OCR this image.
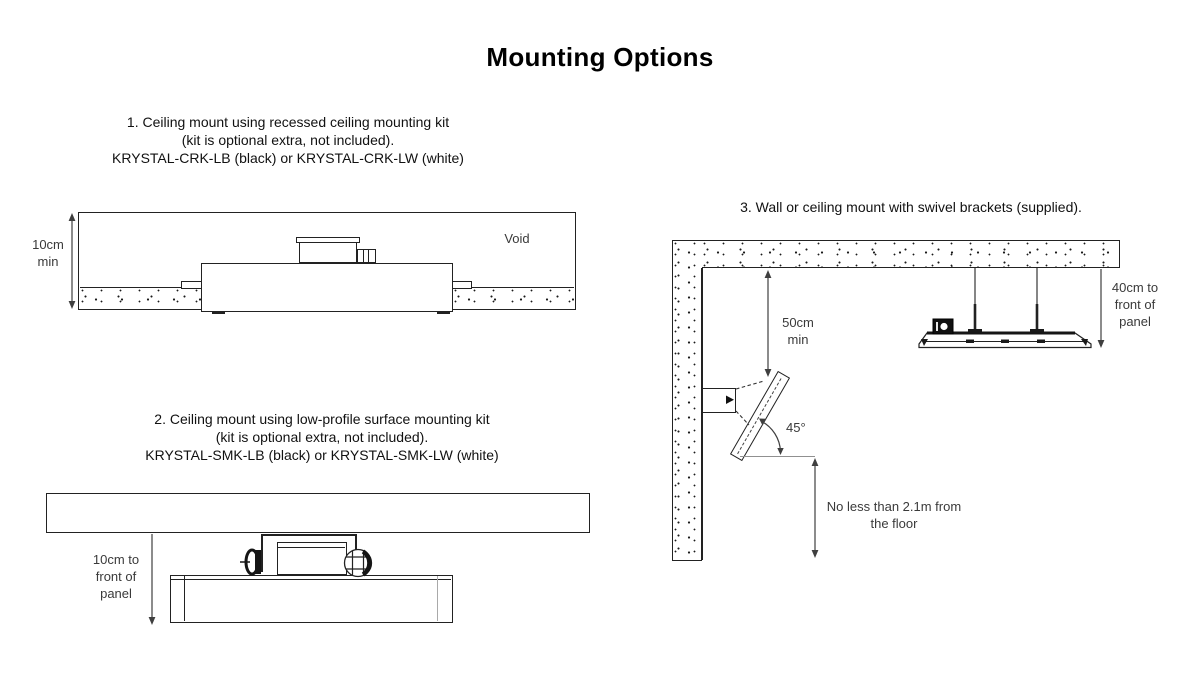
Mounting Options
1. Ceiling mount using recessed ceiling mounting kit
(kit is optional extra, not included).
KRYSTAL-CRK-LB (black) or KRYSTAL-CRK-LW (white)
10cm
min
Void
2. Ceiling mount using low-profile surface mounting kit
(kit is optional extra, not included).
KRYSTAL-SMK-LB (black) or KRYSTAL-SMK-LW (white)
10cm to
front of
panel
3. Wall or ceiling mount with swivel brackets (supplied).
50cm
min
45°
No less than 2.1m from
the floor
40cm to
front of
panel
